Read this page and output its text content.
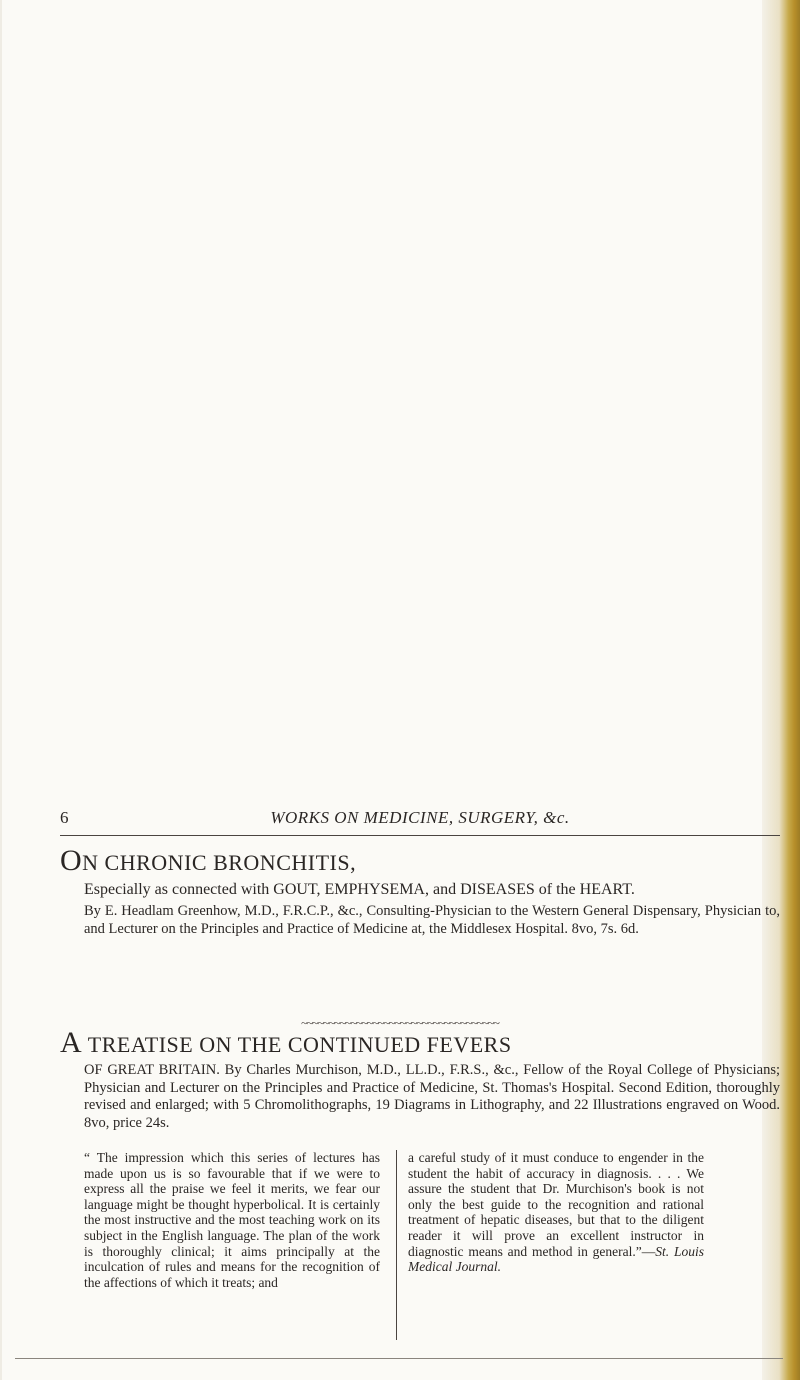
6	WORKS ON MEDICINE, SURGERY, &c.
ON CHRONIC BRONCHITIS,
Especially as connected with GOUT, EMPHYSEMA, and DISEASES of the HEART.
By E. Headlam Greenhow, M.D., F.R.C.P., &c., Consulting-Physician to the Western General Dispensary, Physician to, and Lecturer on the Principles and Practice of Medicine at, the Middlesex Hospital. 8vo, 7s. 6d.
~~~~~~~~~~~~~~~~~~~~~~~~~~~~~~~~~~~~
A TREATISE ON THE CONTINUED FEVERS
OF GREAT BRITAIN. By Charles Murchison, M.D., LL.D., F.R.S., &c., Fellow of the Royal College of Physicians; Physician and Lecturer on the Principles and Practice of Medicine, St. Thomas's Hospital. Second Edition, thoroughly revised and enlarged; with 5 Chromolithographs, 19 Diagrams in Lithography, and 22 Illustrations engraved on Wood. 8vo, price 24s.
“ The impression which this series of lectures has made upon us is so favourable that if we were to express all the praise we feel it merits, we fear our language might be thought hyperbolical. It is certainly the most instructive and the most teaching work on its subject in the English language. The plan of the work is thoroughly clinical; it aims principally at the inculcation of rules and means for the recognition of the affections of which it treats; and
a careful study of it must conduce to engender in the student the habit of accuracy in diagnosis. . . . We assure the student that Dr. Murchison's book is not only the best guide to the recognition and rational treatment of hepatic diseases, but that to the diligent reader it will prove an excellent instructor in diagnostic means and method in general.”—St. Louis Medical Journal.
